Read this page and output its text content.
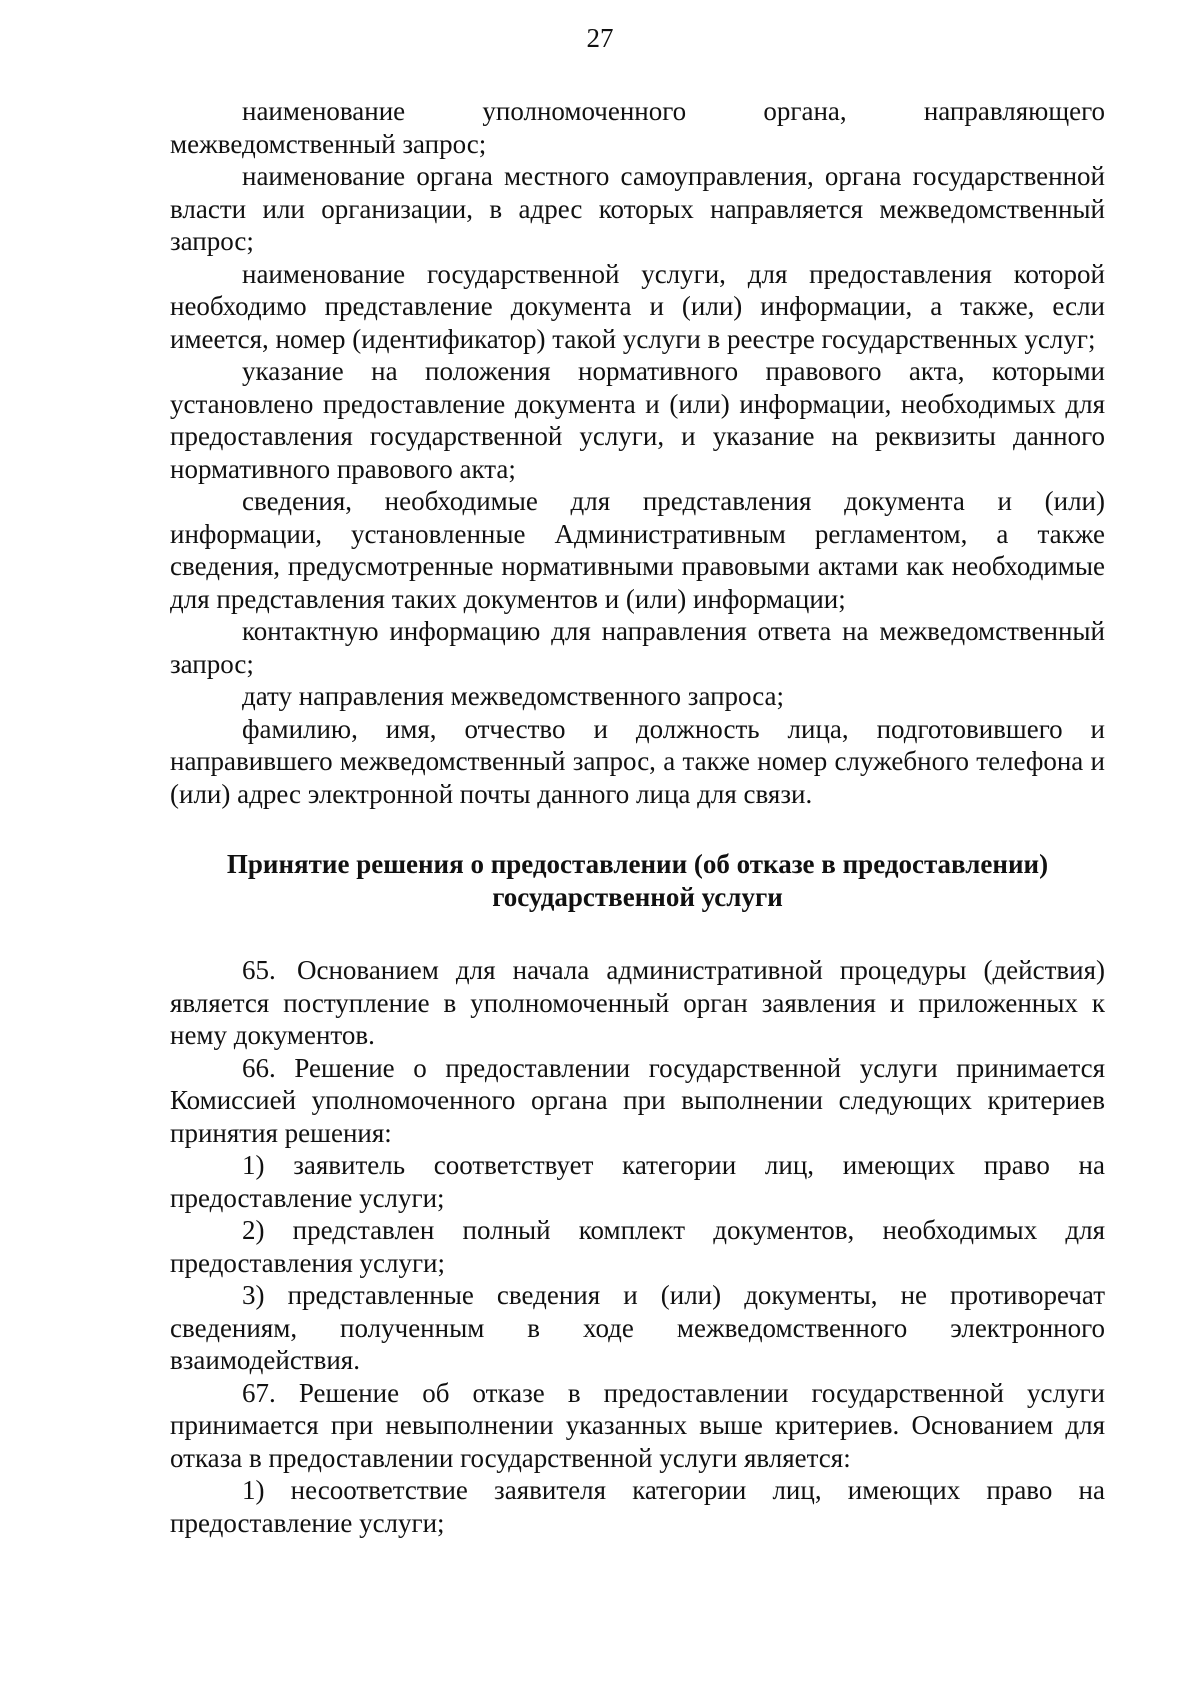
27

наименование уполномоченного органа, направляющего межведомственный запрос;

наименование органа местного самоуправления, органа государственной власти или организации, в адрес которых направляется межведомственный запрос;

наименование государственной услуги, для предоставления которой необходимо представление документа и (или) информации, а также, если имеется, номер (идентификатор) такой услуги в реестре государственных услуг;

указание на положения нормативного правового акта, которыми установлено предоставление документа и (или) информации, необходимых для предоставления государственной услуги, и указание на реквизиты данного нормативного правового акта;

сведения, необходимые для представления документа и (или) информации, установленные Административным регламентом, а также сведения, предусмотренные нормативными правовыми актами как необходимые для представления таких документов и (или) информации;

контактную информацию для направления ответа на межведомственный запрос;

дату направления межведомственного запроса;

фамилию, имя, отчество и должность лица, подготовившего и направившего межведомственный запрос, а также номер служебного телефона и (или) адрес электронной почты данного лица для связи.

Принятие решения о предоставлении (об отказе в предоставлении)
государственной услуги

65. Основанием для начала административной процедуры (действия) является поступление в уполномоченный орган заявления и приложенных к нему документов.

66. Решение о предоставлении государственной услуги принимается Комиссией уполномоченного органа при выполнении следующих критериев принятия решения:

1) заявитель соответствует категории лиц, имеющих право на предоставление услуги;

2) представлен полный комплект документов, необходимых для предоставления услуги;

3) представленные сведения и (или) документы, не противоречат сведениям, полученным в ходе межведомственного электронного взаимодействия.

67. Решение об отказе в предоставлении государственной услуги принимается при невыполнении указанных выше критериев. Основанием для отказа в предоставлении государственной услуги является:

1) несоответствие заявителя категории лиц, имеющих право на предоставление услуги;
